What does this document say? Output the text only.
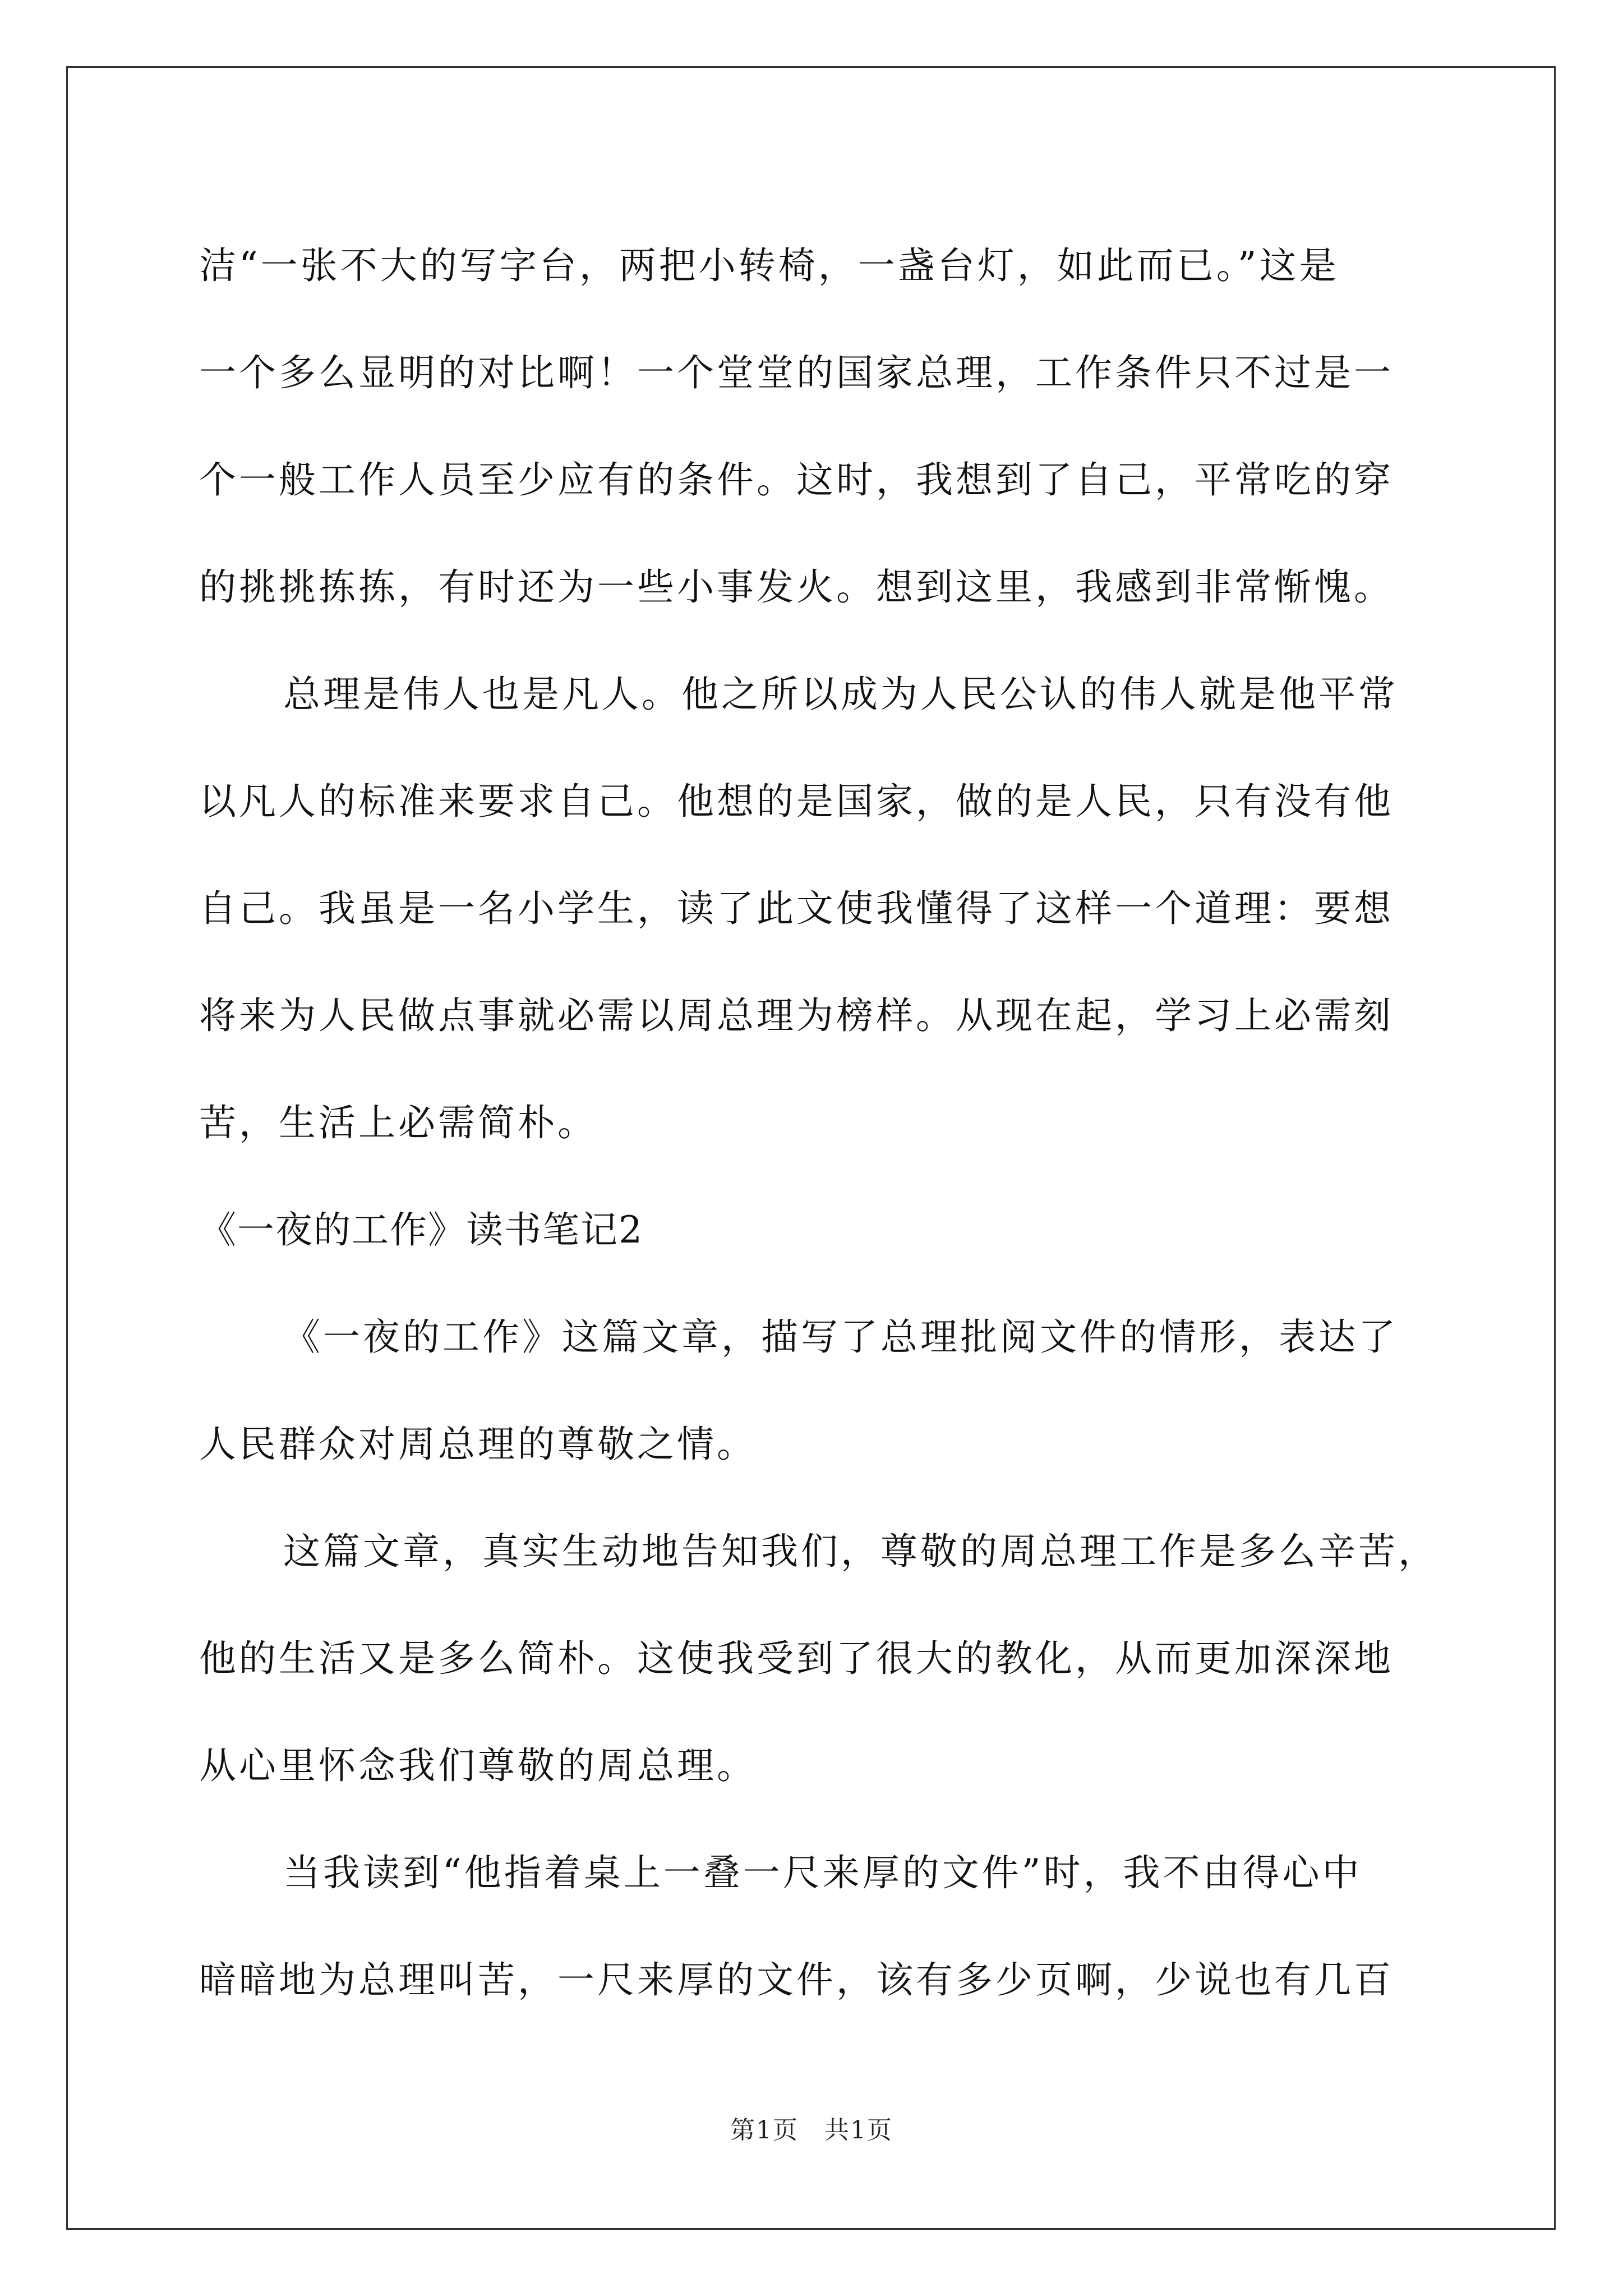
洁“一张不大的写字台，两把小转椅，一盏台灯，如此而已。”这是
一个多么显明的对比啊！一个堂堂的国家总理，工作条件只不过是一
个一般工作人员至少应有的条件。这时，我想到了自己，平常吃的穿
的挑挑拣拣，有时还为一些小事发火。想到这里，我感到非常惭愧。
总理是伟人也是凡人。他之所以成为人民公认的伟人就是他平常
以凡人的标准来要求自己。他想的是国家，做的是人民，只有没有他
自己。我虽是一名小学生，读了此文使我懂得了这样一个道理：要想
将来为人民做点事就必需以周总理为榜样。从现在起，学习上必需刻
苦，生活上必需简朴。
《一夜的工作》读书笔记2
《一夜的工作》这篇文章，描写了总理批阅文件的情形，表达了
人民群众对周总理的尊敬之情。
这篇文章，真实生动地告知我们，尊敬的周总理工作是多么辛苦，
他的生活又是多么简朴。这使我受到了很大的教化，从而更加深深地
从心里怀念我们尊敬的周总理。
当我读到“他指着桌上一叠一尺来厚的文件”时，我不由得心中
暗暗地为总理叫苦，一尺来厚的文件，该有多少页啊，少说也有几百
第1页　共1页
